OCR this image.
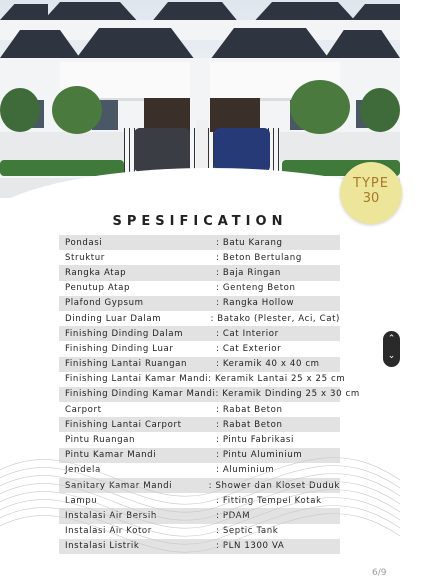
TYPE
30
SPESIFICATION
Pondasi	: Batu Karang
Struktur	: Beton Bertulang
Rangka Atap	: Baja Ringan
Penutup Atap	: Genteng Beton
Plafond Gypsum	: Rangka Hollow
Dinding Luar Dalam	: Batako (Plester, Aci, Cat)
Finishing Dinding Dalam	: Cat Interior
Finishing Dinding Luar	: Cat Exterior
Finishing Lantai Ruangan	: Keramik 40 x 40 cm
Finishing Lantai Kamar Mandi : Keramik Lantai 25 x 25 cm
Finishing Dinding Kamar Mandi : Keramik Dinding 25 x 30 cm
Carport	: Rabat Beton
Finishing Lantai Carport	: Rabat Beton
Pintu Ruangan	: Pintu Fabrikasi
Pintu Kamar Mandi	: Pintu Aluminium
Jendela	: Aluminium
Sanitary Kamar Mandi	: Shower dan Kloset Duduk
Lampu	: Fitting Tempel Kotak
Instalasi Air Bersih	: PDAM
Instalasi Air Kotor	: Septic Tank
Instalasi Listrik	: PLN 1300 VA
⌃
⌄
6/9
